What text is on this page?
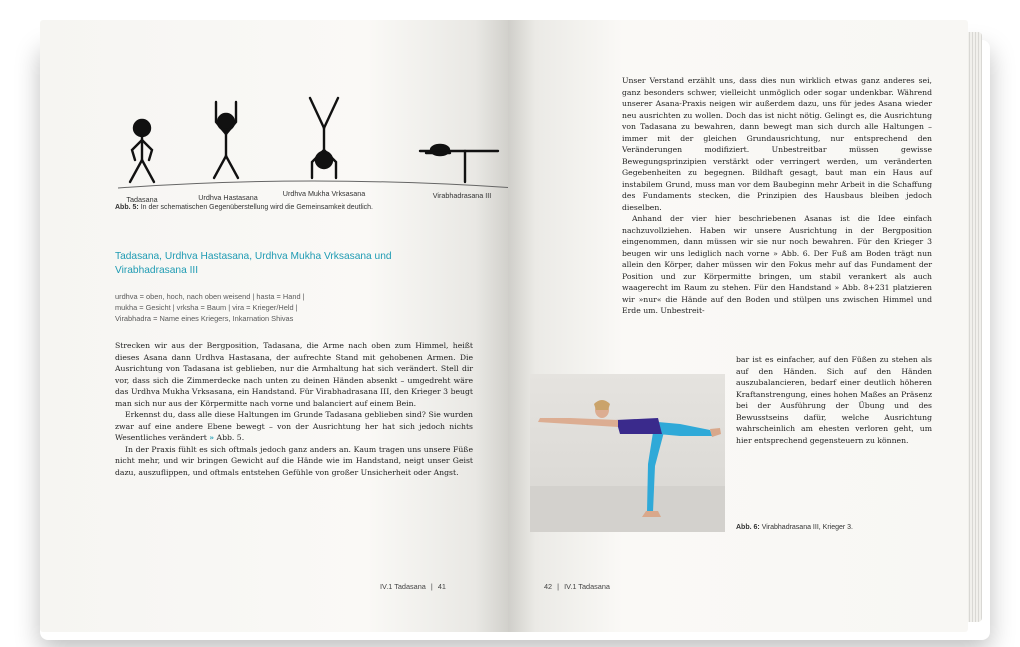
Tadasana	Urdhva Hastasana	Urdhva Mukha Vrksasana	Virabhadrasana III
Abb. 5: In der schematischen Gegenüberstellung wird die Gemeinsamkeit deutlich.
Tadasana, Urdhva Hastasana, Urdhva Mukha Vrksasana und
Virabhadrasana III
urdhva = oben, hoch, nach oben weisend | hasta = Hand |
mukha = Gesicht | vrksha = Baum | vira = Krieger/Held |
Virabhadra = Name eines Kriegers, Inkarnation Shivas

Strecken wir aus der Bergposition, Tadasana, die Arme nach oben zum Himmel, heißt dieses Asana dann Urdhva Hastasana, der aufrechte Stand mit gehobenen Armen. Die Ausrichtung von Tadasana ist geblieben, nur die Armhaltung hat sich verändert. Stell dir vor, dass sich die Zimmerdecke nach unten zu deinen Händen absenkt – umgedreht wäre das Urdhva Mukha Vrksasana, ein Handstand. Für Virabhadrasana III, den Krieger 3 beugt man sich nur aus der Körpermitte nach vorne und balanciert auf einem Bein.

Erkennst du, dass alle diese Haltungen im Grunde Tadasana geblieben sind? Sie wurden zwar auf eine andere Ebene bewegt – von der Ausrichtung her hat sich jedoch nichts Wesentliches verändert » Abb. 5.

In der Praxis fühlt es sich oftmals jedoch ganz anders an. Kaum tragen uns unsere Füße nicht mehr, und wir bringen Gewicht auf die Hände wie im Handstand, neigt unser Geist dazu, auszuflippen, und oftmals entstehen Gefühle von großer Unsicherheit oder Angst.

IV.1 Tadasana | 41

Unser Verstand erzählt uns, dass dies nun wirklich etwas ganz anderes sei, ganz besonders schwer, vielleicht unmöglich oder sogar undenkbar. Während unserer Asana-Praxis neigen wir außerdem dazu, uns für jedes Asana wieder neu ausrichten zu wollen. Doch das ist nicht nötig. Gelingt es, die Ausrichtung von Tadasana zu bewahren, dann bewegt man sich durch alle Haltungen – immer mit der gleichen Grundausrichtung, nur entsprechend den Veränderungen modifiziert. Unbestreitbar müssen gewisse Bewegungsprinzipien verstärkt oder verringert werden, um veränderten Gegebenheiten zu begegnen. Bildhaft gesagt, baut man ein Haus auf instabilem Grund, muss man vor dem Baubeginn mehr Arbeit in die Schaffung des Fundaments stecken, die Prinzipien des Hausbaus bleiben jedoch dieselben.

Anhand der vier hier beschriebenen Asanas ist die Idee einfach nachzuvollziehen. Haben wir unsere Ausrichtung in der Bergposition eingenommen, dann müssen wir sie nur noch bewahren. Für den Krieger 3 beugen wir uns lediglich nach vorne » Abb. 6. Der Fuß am Boden trägt nun allein den Körper, daher müssen wir den Fokus mehr auf das Fundament der Position und zur Körpermitte bringen, um stabil verankert als auch waagerecht im Raum zu stehen. Für den Handstand » Abb. 8+231 platzieren wir »nur« die Hände auf den Boden und stülpen uns zwischen Himmel und Erde um. Unbestreit-

bar ist es einfacher, auf den Füßen zu stehen als auf den Händen. Sich auf den Händen auszubalancieren, bedarf einer deutlich höheren Kraftanstrengung, eines hohen Maßes an Präsenz bei der Ausführung der Übung und des Bewusstseins dafür, welche Ausrichtung wahrscheinlich am ehesten verloren geht, um hier entsprechend gegensteuern zu können.

Abb. 6: Virabhadrasana III, Krieger 3.
42 | IV.1 Tadasana
